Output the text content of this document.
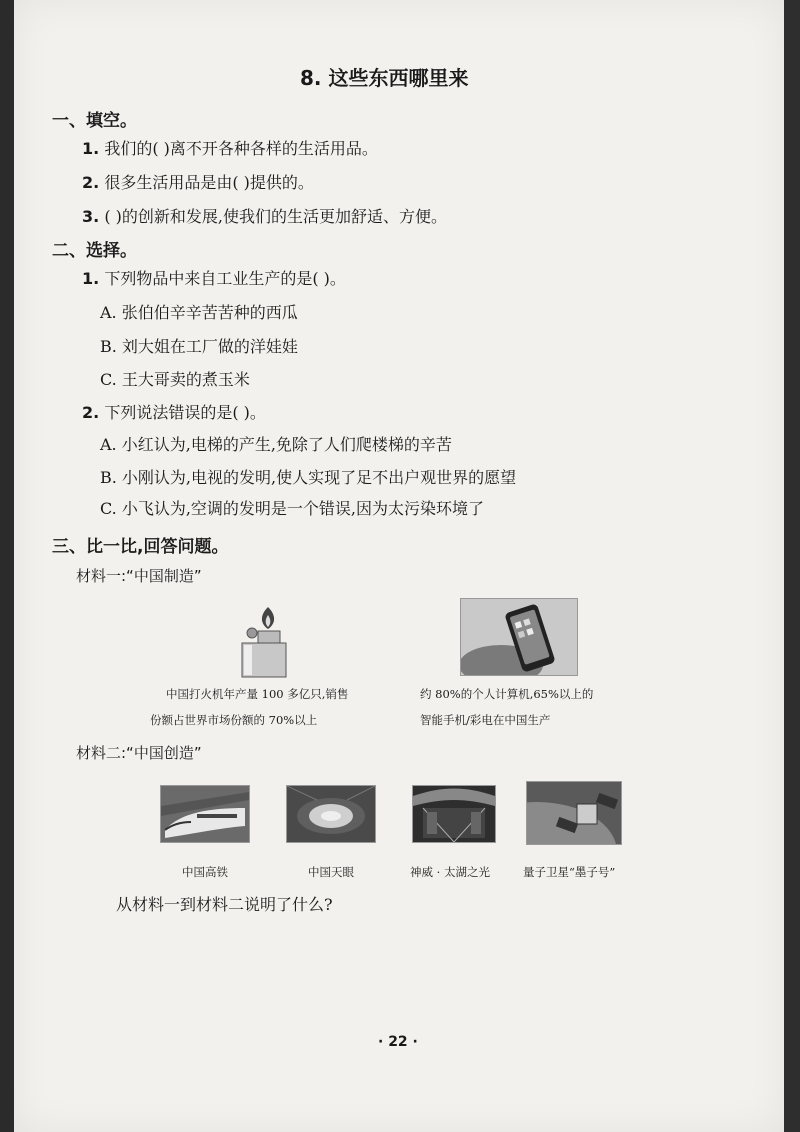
8. 这些东西哪里来
一、填空。
1. 我们的( )离不开各种各样的生活用品。
2. 很多生活用品是由( )提供的。
3. ( )的创新和发展,使我们的生活更加舒适、方便。
二、选择。
1. 下列物品中来自工业生产的是( )。
A. 张伯伯辛辛苦苦种的西瓜
B. 刘大姐在工厂做的洋娃娃
C. 王大哥卖的煮玉米
2. 下列说法错误的是( )。
A. 小红认为,电梯的产生,免除了人们爬楼梯的辛苦
B. 小刚认为,电视的发明,使人实现了足不出户观世界的愿望
C. 小飞认为,空调的发明是一个错误,因为太污染环境了
三、比一比,回答问题。
材料一:“中国制造”
中国打火机年产量 100 多亿只,销售
份额占世界市场份额的 70%以上
约 80%的个人计算机,65%以上的
智能手机/彩电在中国生产
材料二:“中国创造”
中国高铁	中国天眼	神威 · 太湖之光	量子卫星“墨子号”
从材料一到材料二说明了什么?
· 22 ·
